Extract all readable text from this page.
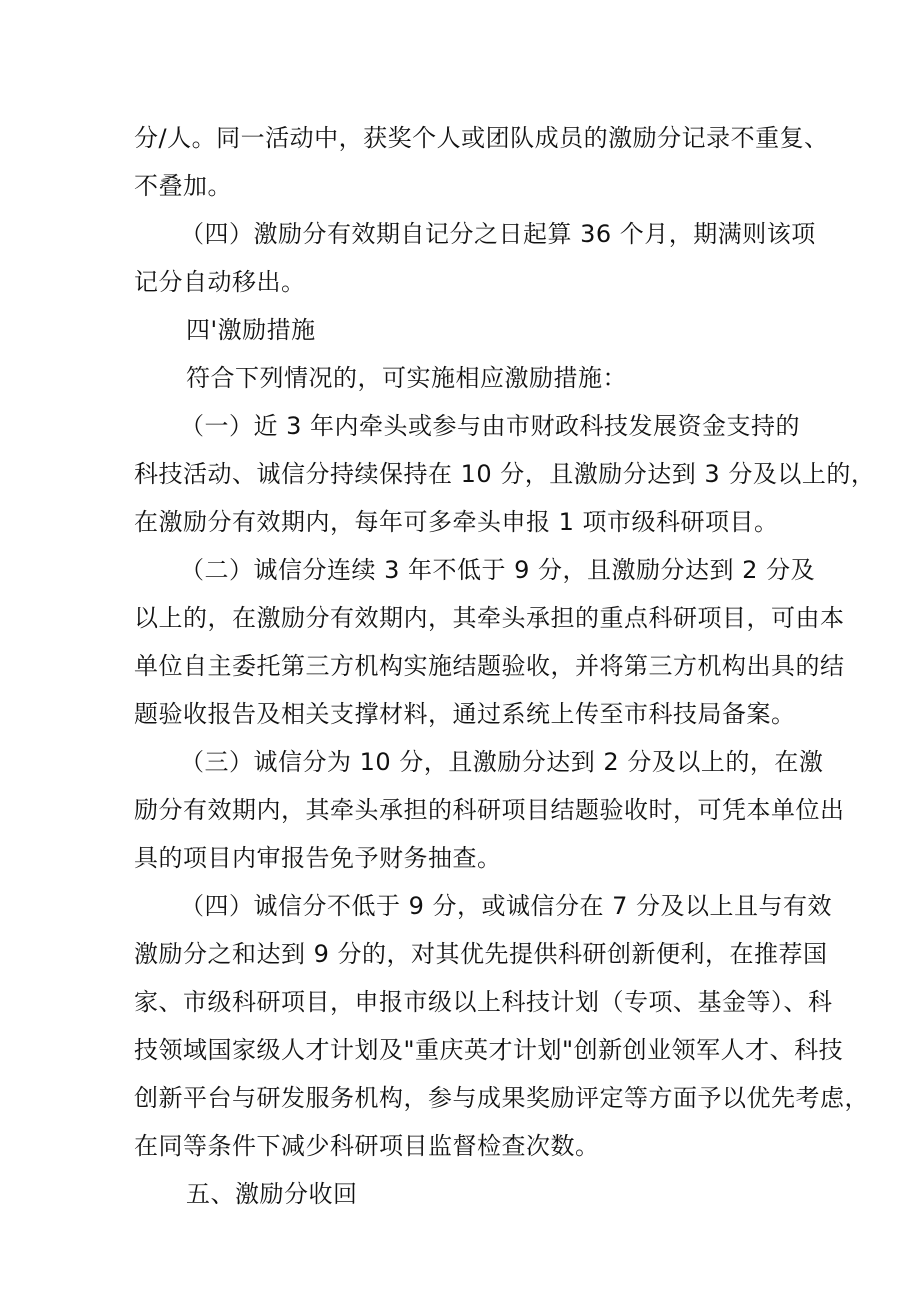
分/人。同一活动中，获奖个人或团队成员的激励分记录不重复、
不叠加。
（四）激励分有效期自记分之日起算 36 个月，期满则该项
记分自动移出。
四'激励措施
符合下列情况的，可实施相应激励措施：
（一）近 3 年内牵头或参与由市财政科技发展资金支持的
科技活动、诚信分持续保持在 10 分，且激励分达到 3 分及以上的，
在激励分有效期内，每年可多牵头申报 1 项市级科研项目。
（二）诚信分连续 3 年不低于 9 分，且激励分达到 2 分及
以上的，在激励分有效期内，其牵头承担的重点科研项目，可由本
单位自主委托第三方机构实施结题验收，并将第三方机构出具的结
题验收报告及相关支撑材料，通过系统上传至市科技局备案。
（三）诚信分为 10 分，且激励分达到 2 分及以上的，在激
励分有效期内，其牵头承担的科研项目结题验收时，可凭本单位出
具的项目内审报告免予财务抽查。
（四）诚信分不低于 9 分，或诚信分在 7 分及以上且与有效
激励分之和达到 9 分的，对其优先提供科研创新便利，在推荐国
家、市级科研项目，申报市级以上科技计划（专项、基金等）、科
技领域国家级人才计划及"重庆英才计划"创新创业领军人才、科技
创新平台与研发服务机构，参与成果奖励评定等方面予以优先考虑，
在同等条件下减少科研项目监督检查次数。
五、激励分收回
